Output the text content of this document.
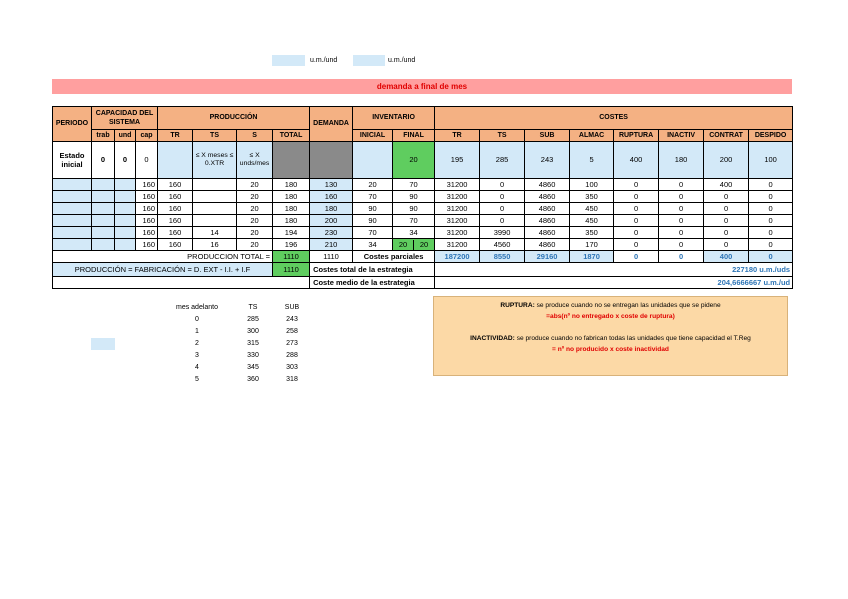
u.m./und	u.m./und
demanda a final de mes
PERIODO	CAPACIDAD DEL SISTEMA			PRODUCCIÓN				DEMANDA	INVENTARIO		COSTES							
	trab	und	cap	TR	TS	S	TOTAL		INICIAL	FINAL	TR	TS	SUB	ALMAC	RUPTURA	INACTIV	CONTRAT	DESPIDO
Estado inicial	0	0	0		≤ X meses ≤ 0.XTR	≤ X unds/mes				20	195	285	243	5	400	180	200	100
			160	160		20	180	130	20	70	31200	0	4860	100	0	0	400	0
			160	160		20	180	160	70	90	31200	0	4860	350	0	0	0	0
			160	160		20	180	180	90	90	31200	0	4860	450	0	0	0	0
			160	160		20	180	200	90	70	31200	0	4860	450	0	0	0	0
			160	160	14	20	194	230	70	34	31200	3990	4860	350	0	0	0	0
			160	160	16	20	196	210	34	20 20	31200	4560	4860	170	0	0	0	0
PRODUCCION TOTAL =							1110	1110	Costes parciales		187200	8550	29160	1870	0	0	400	0
PRODUCCIÓN = FABRICACIÓN = D. EXT - I.I. + I.F							1110	Costes total de la estrategia			227180 u.m./uds							
								Coste medio de la estrategia			204,6666667 u.m./ud							
mes adelanto	TS	SUB
0	285	243
1	300	258
2	315	273
3	330	288
4	345	303
5	360	318
RUPTURA: se produce cuando no se entregan las unidades que se pidene
=abs(nº no entregado x coste de ruptura)
INACTIVIDAD: se produce cuando no fabrican todas las unidades que tiene capacidad el T.Reg
= nº no producido x coste inactividad
